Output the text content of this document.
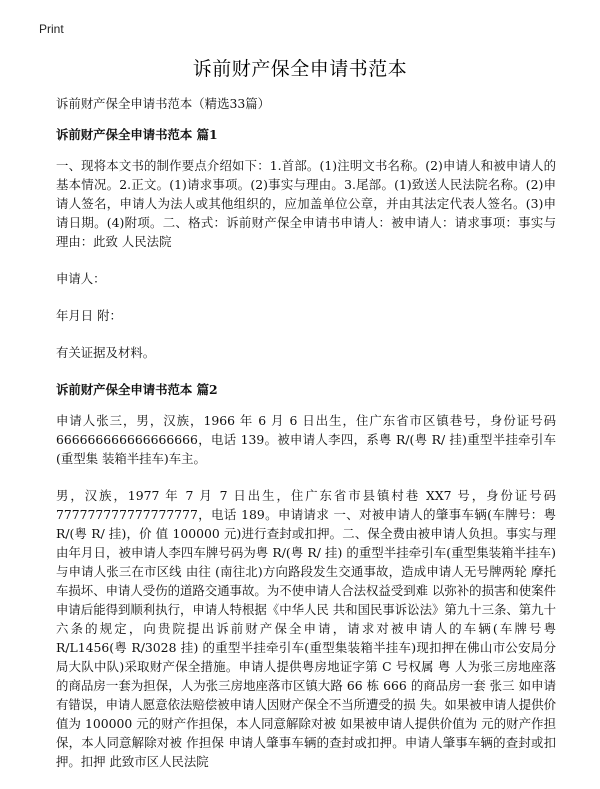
Print
诉前财产保全申请书范本

诉前财产保全申请书范本（精选33篇）

诉前财产保全申请书范本 篇1

一、现将本文书的制作要点介绍如下：1.首部。(1)注明文书名称。(2)申请人和被申请人的基本情况。2.正文。(1)请求事项。(2)事实与理由。3.尾部。(1)致送人民法院名称。(2)申请人签名，申请人为法人或其他组织的，应加盖单位公章，并由其法定代表人签名。(3)申请日期。(4)附项。二、格式：诉前财产保全申请书申请人：被申请人：请求事项：事实与理由：此致 人民法院

申请人：

年月日 附：

有关证据及材料。

诉前财产保全申请书范本 篇2

申请人张三，男，汉族，1966 年 6 月 6 日出生，住广东省市区镇巷号，身份证号码 666666666666666666，电话 139。被申请人李四，系粤 R/(粤 R/ 挂)重型半挂牵引车(重型集 装箱半挂车)车主。

男，汉族，1977 年 7 月 7 日出生，住广东省市县镇村巷 XX7 号，身份证号码 777777777777777777，电话 189。申请请求 一、对被申请人的肇事车辆(车牌号：粤 R/(粤 R/ 挂)，价 值 100000 元)进行查封或扣押。二、保全费由被申请人负担。事实与理由年月日，被申请人李四车牌号码为粤 R/(粤 R/ 挂) 的重型半挂牵引车(重型集装箱半挂车)与申请人张三在市区线 由往 (南往北)方向路段发生交通事故，造成申请人无号牌两轮 摩托车损坏、申请人受伤的道路交通事故。为不使申请人合法权益受到难 以弥补的损害和使案件申请后能得到顺利执行，申请人特根据《中华人民 共和国民事诉讼法》第九十三条、第九十六条的规定，向贵院提出诉前财产保全申请，请求对被申请人的车辆(车牌号粤 R/L1456(粤 R/3028 挂) 的重型半挂牵引车(重型集装箱半挂车)现扣押在佛山市公安局分局大队中队)采取财产保全措施。申请人提供粤房地证字第 C 号权属 粤 人为张三房地座落 的商品房一套为担保，人为张三房地座落市区镇大路 66 栋 666 的商品房一套 张三 如申请有错误，申请人愿意依法赔偿被申请人因财产保全不当所遭受的损 失。如果被申请人提供价值为 100000 元的财产作担保，本人同意解除对被 如果被申请人提供价值为 元的财产作担保，本人同意解除对被 作担保 申请人肇事车辆的查封或扣押。申请人肇事车辆的查封或扣押。扣押 此致市区人民法院
